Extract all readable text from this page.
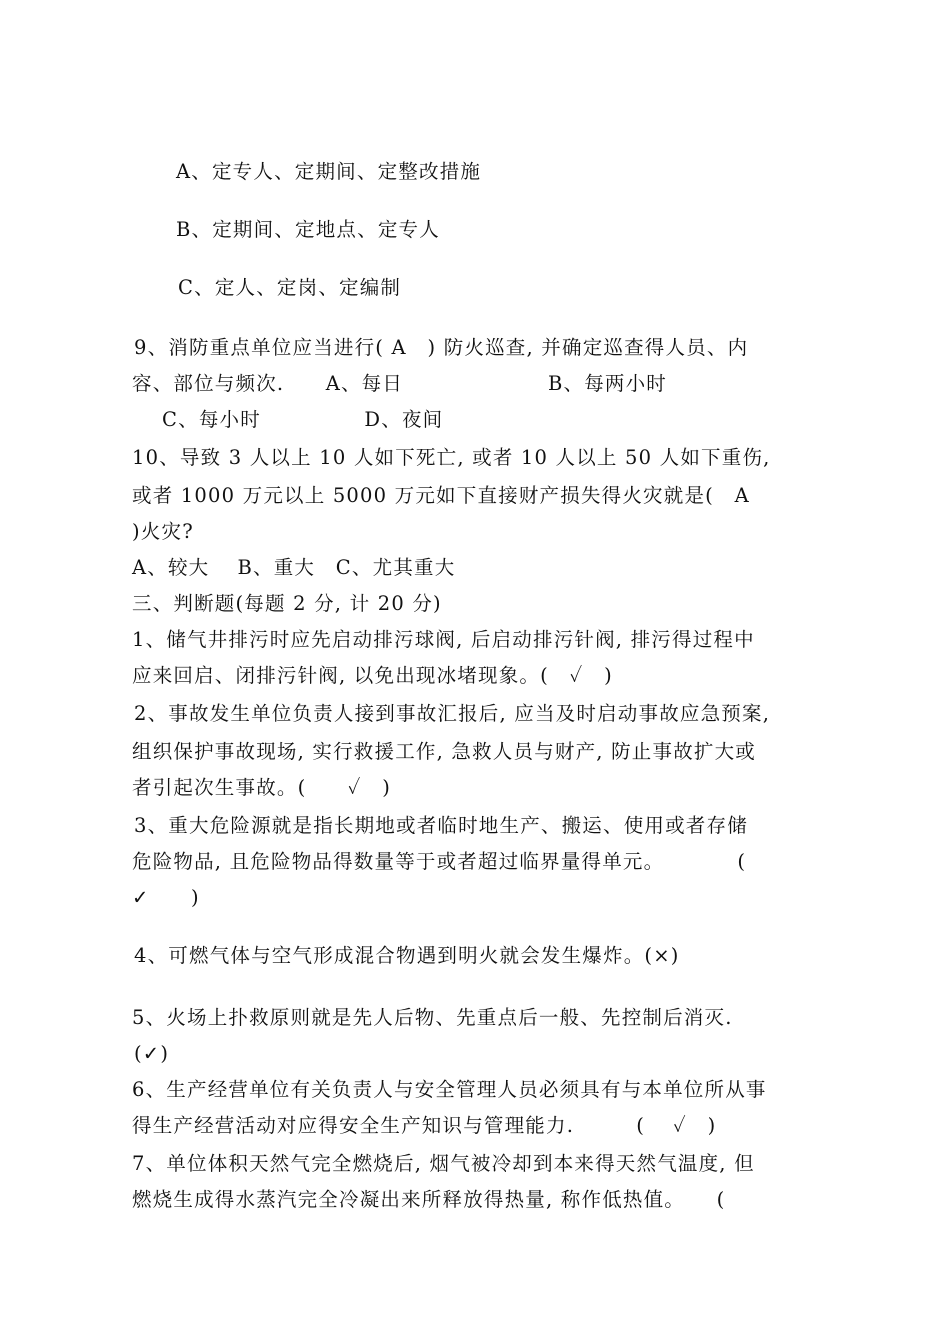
A、定专人、定期间、定整改措施
B、定期间、定地点、定专人
C、定人、定岗、定编制
9、消防重点单位应当进行( A　) 防火巡查, 并确定巡查得人员、内
容、部位与频次.　　A、每日　　　　　　　B、每两小时
C、每小时　　　　　D、夜间
10、导致 3 人以上 10 人如下死亡, 或者 10 人以上 50 人如下重伤,
或者 1000 万元以上 5000 万元如下直接财产损失得火灾就是(　A
)火灾?
A、较大　 B、重大　C、尤其重大
三、判断题(每题 2 分, 计 20 分)
1、储气井排污时应先启动排污球阀, 后启动排污针阀, 排污得过程中
应来回启、闭排污针阀, 以免出现冰堵现象。(　✓　)
2、事故发生单位负责人接到事故汇报后, 应当及时启动事故应急预案,
组织保护事故现场, 实行救援工作, 急救人员与财产, 防止事故扩大或
者引起次生事故。(　　✓　)
3、重大危险源就是指长期地或者临时地生产、搬运、使用或者存储
危险物品, 且危险物品得数量等于或者超过临界量得单元。　　　　(
✓　　)
4、可燃气体与空气形成混合物遇到明火就会发生爆炸。(×)
5、火场上扑救原则就是先人后物、先重点后一般、先控制后消灭.
(✓)
6、生产经营单位有关负责人与安全管理人员必须具有与本单位所从事
得生产经营活动对应得安全生产知识与管理能力.　　　(　 ✓　)
7、单位体积天然气完全燃烧后, 烟气被冷却到本来得天然气温度, 但
燃烧生成得水蒸汽完全冷凝出来所释放得热量, 称作低热值。　　(
